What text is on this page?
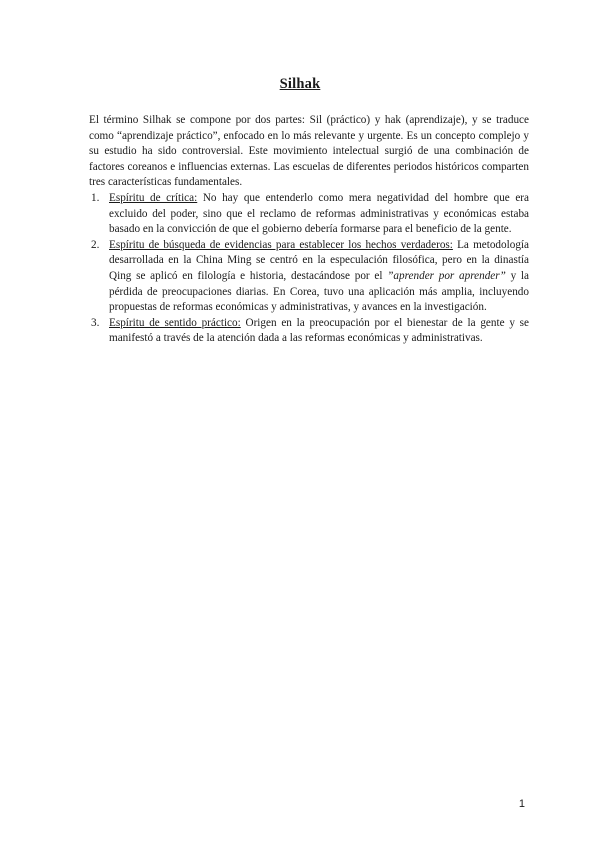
Silhak

El término Silhak se compone por dos partes: Sil (práctico) y hak (aprendizaje), y se traduce como “aprendizaje práctico”, enfocado en lo más relevante y urgente. Es un concepto complejo y su estudio ha sido controversial. Este movimiento intelectual surgió de una combinación de factores coreanos e influencias externas. Las escuelas de diferentes periodos históricos comparten tres características fundamentales.

1. Espíritu de crítica: No hay que entenderlo como mera negatividad del hombre que era excluido del poder, sino que el reclamo de reformas administrativas y económicas estaba basado en la convicción de que el gobierno debería formarse para el beneficio de la gente.
2. Espíritu de búsqueda de evidencias para establecer los hechos verdaderos: La metodología desarrollada en la China Ming se centró en la especulación filosófica, pero en la dinastía Qing se aplicó en filología e historia, destacándose por el ”aprender por aprender” y la pérdida de preocupaciones diarias. En Corea, tuvo una aplicación más amplia, incluyendo propuestas de reformas económicas y administrativas, y avances en la investigación.
3. Espíritu de sentido práctico: Origen en la preocupación por el bienestar de la gente y se manifestó a través de la atención dada a las reformas económicas y administrativas.
1
